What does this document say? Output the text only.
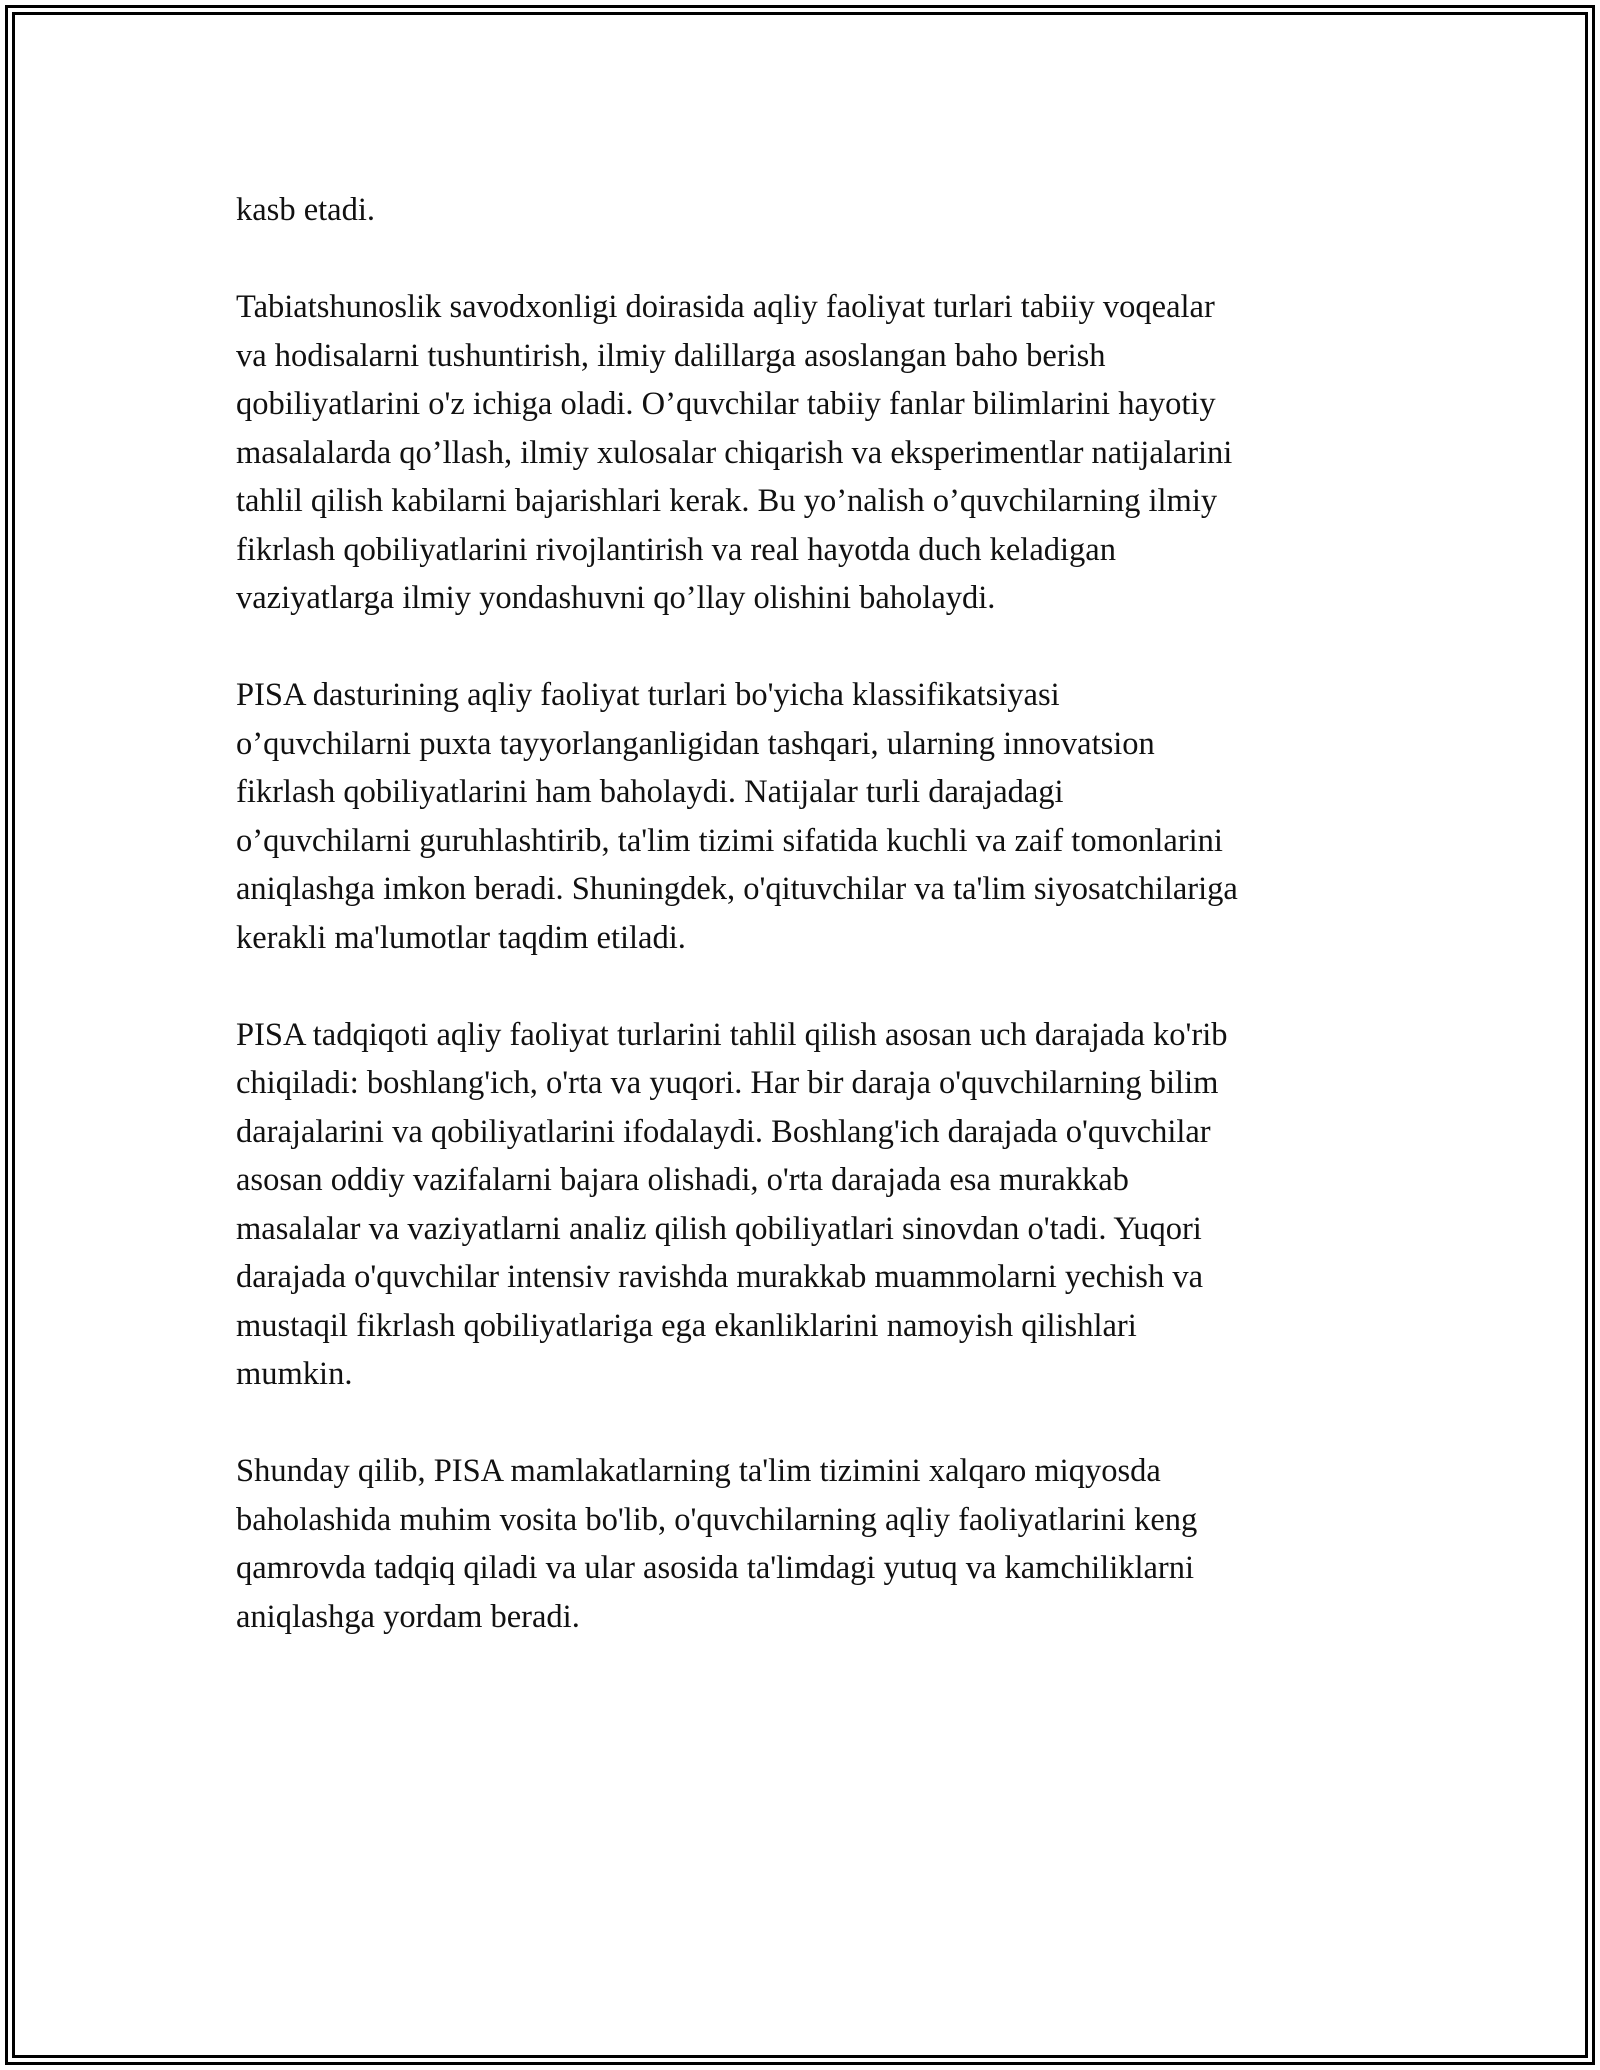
kasb etadi.

Tabiatshunoslik savodxonligi doirasida aqliy faoliyat turlari tabiiy voqealar
va hodisalarni tushuntirish, ilmiy dalillarga asoslangan baho berish
qobiliyatlarini o'z ichiga oladi. O’quvchilar tabiiy fanlar bilimlarini hayotiy
masalalarda qo’llash, ilmiy xulosalar chiqarish va eksperimentlar natijalarini
tahlil qilish kabilarni bajarishlari kerak. Bu yo’nalish o’quvchilarning ilmiy
fikrlash qobiliyatlarini rivojlantirish va real hayotda duch keladigan
vaziyatlarga ilmiy yondashuvni qo’llay olishini baholaydi.

PISA dasturining aqliy faoliyat turlari bo'yicha klassifikatsiyasi
o’quvchilarni puxta tayyorlanganligidan tashqari, ularning innovatsion
fikrlash qobiliyatlarini ham baholaydi. Natijalar turli darajadagi
o’quvchilarni guruhlashtirib, ta'lim tizimi sifatida kuchli va zaif tomonlarini
aniqlashga imkon beradi. Shuningdek, o'qituvchilar va ta'lim siyosatchilariga
kerakli ma'lumotlar taqdim etiladi.

PISA tadqiqoti aqliy faoliyat turlarini tahlil qilish asosan uch darajada ko'rib
chiqiladi: boshlang'ich, o'rta va yuqori. Har bir daraja o'quvchilarning bilim
darajalarini va qobiliyatlarini ifodalaydi. Boshlang'ich darajada o'quvchilar
asosan oddiy vazifalarni bajara olishadi, o'rta darajada esa murakkab
masalalar va vaziyatlarni analiz qilish qobiliyatlari sinovdan o'tadi. Yuqori
darajada o'quvchilar intensiv ravishda murakkab muammolarni yechish va
mustaqil fikrlash qobiliyatlariga ega ekanliklarini namoyish qilishlari
mumkin.

Shunday qilib, PISA mamlakatlarning ta'lim tizimini xalqaro miqyosda
baholashida muhim vosita bo'lib, o'quvchilarning aqliy faoliyatlarini keng
qamrovda tadqiq qiladi va ular asosida ta'limdagi yutuq va kamchiliklarni
aniqlashga yordam beradi.
